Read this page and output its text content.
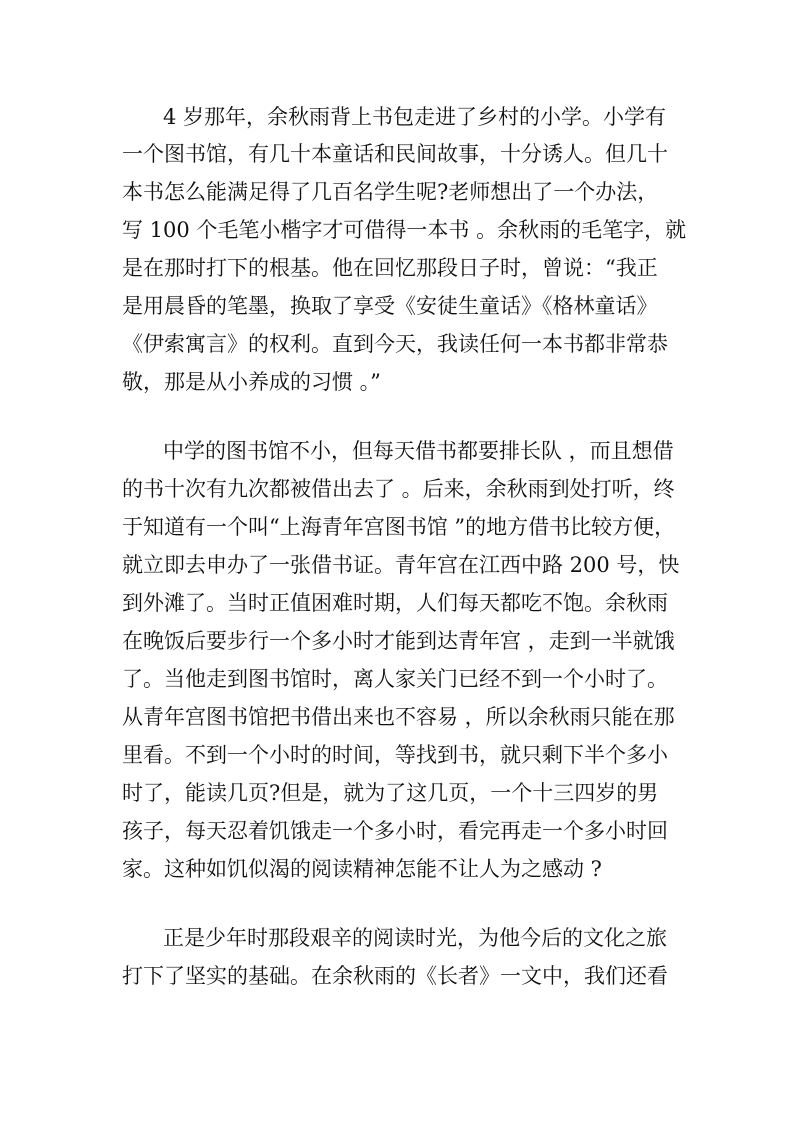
4 岁那年，余秋雨背上书包走进了乡村的小学。小学有
一个图书馆，有几十本童话和民间故事，十分诱人。但几十
本书怎么能满足得了几百名学生呢?老师想出了一个办法，
写 100 个毛笔小楷字才可借得一本书 。余秋雨的毛笔字，就
是在那时打下的根基。他在回忆那段日子时，曾说：“我正
是用晨昏的笔墨，换取了享受《安徒生童话》《格林童话》
《伊索寓言》的权利。直到今天，我读任何一本书都非常恭
敬，那是从小养成的习惯 。”
中学的图书馆不小，但每天借书都要排长队 ，而且想借
的书十次有九次都被借出去了 。后来，余秋雨到处打听，终
于知道有一个叫“上海青年宫图书馆 ”的地方借书比较方便，
就立即去申办了一张借书证。青年宫在江西中路 200 号，快
到外滩了。当时正值困难时期，人们每天都吃不饱。余秋雨
在晚饭后要步行一个多小时才能到达青年宫 ，走到一半就饿
了。当他走到图书馆时，离人家关门已经不到一个小时了。
从青年宫图书馆把书借出来也不容易 ，所以余秋雨只能在那
里看。不到一个小时的时间，等找到书，就只剩下半个多小
时了，能读几页?但是，就为了这几页，一个十三四岁的男
孩子，每天忍着饥饿走一个多小时，看完再走一个多小时回
家。这种如饥似渴的阅读精神怎能不让人为之感动 ?
正是少年时那段艰辛的阅读时光，为他今后的文化之旅
打下了坚实的基础。在余秋雨的《长者》一文中，我们还看
